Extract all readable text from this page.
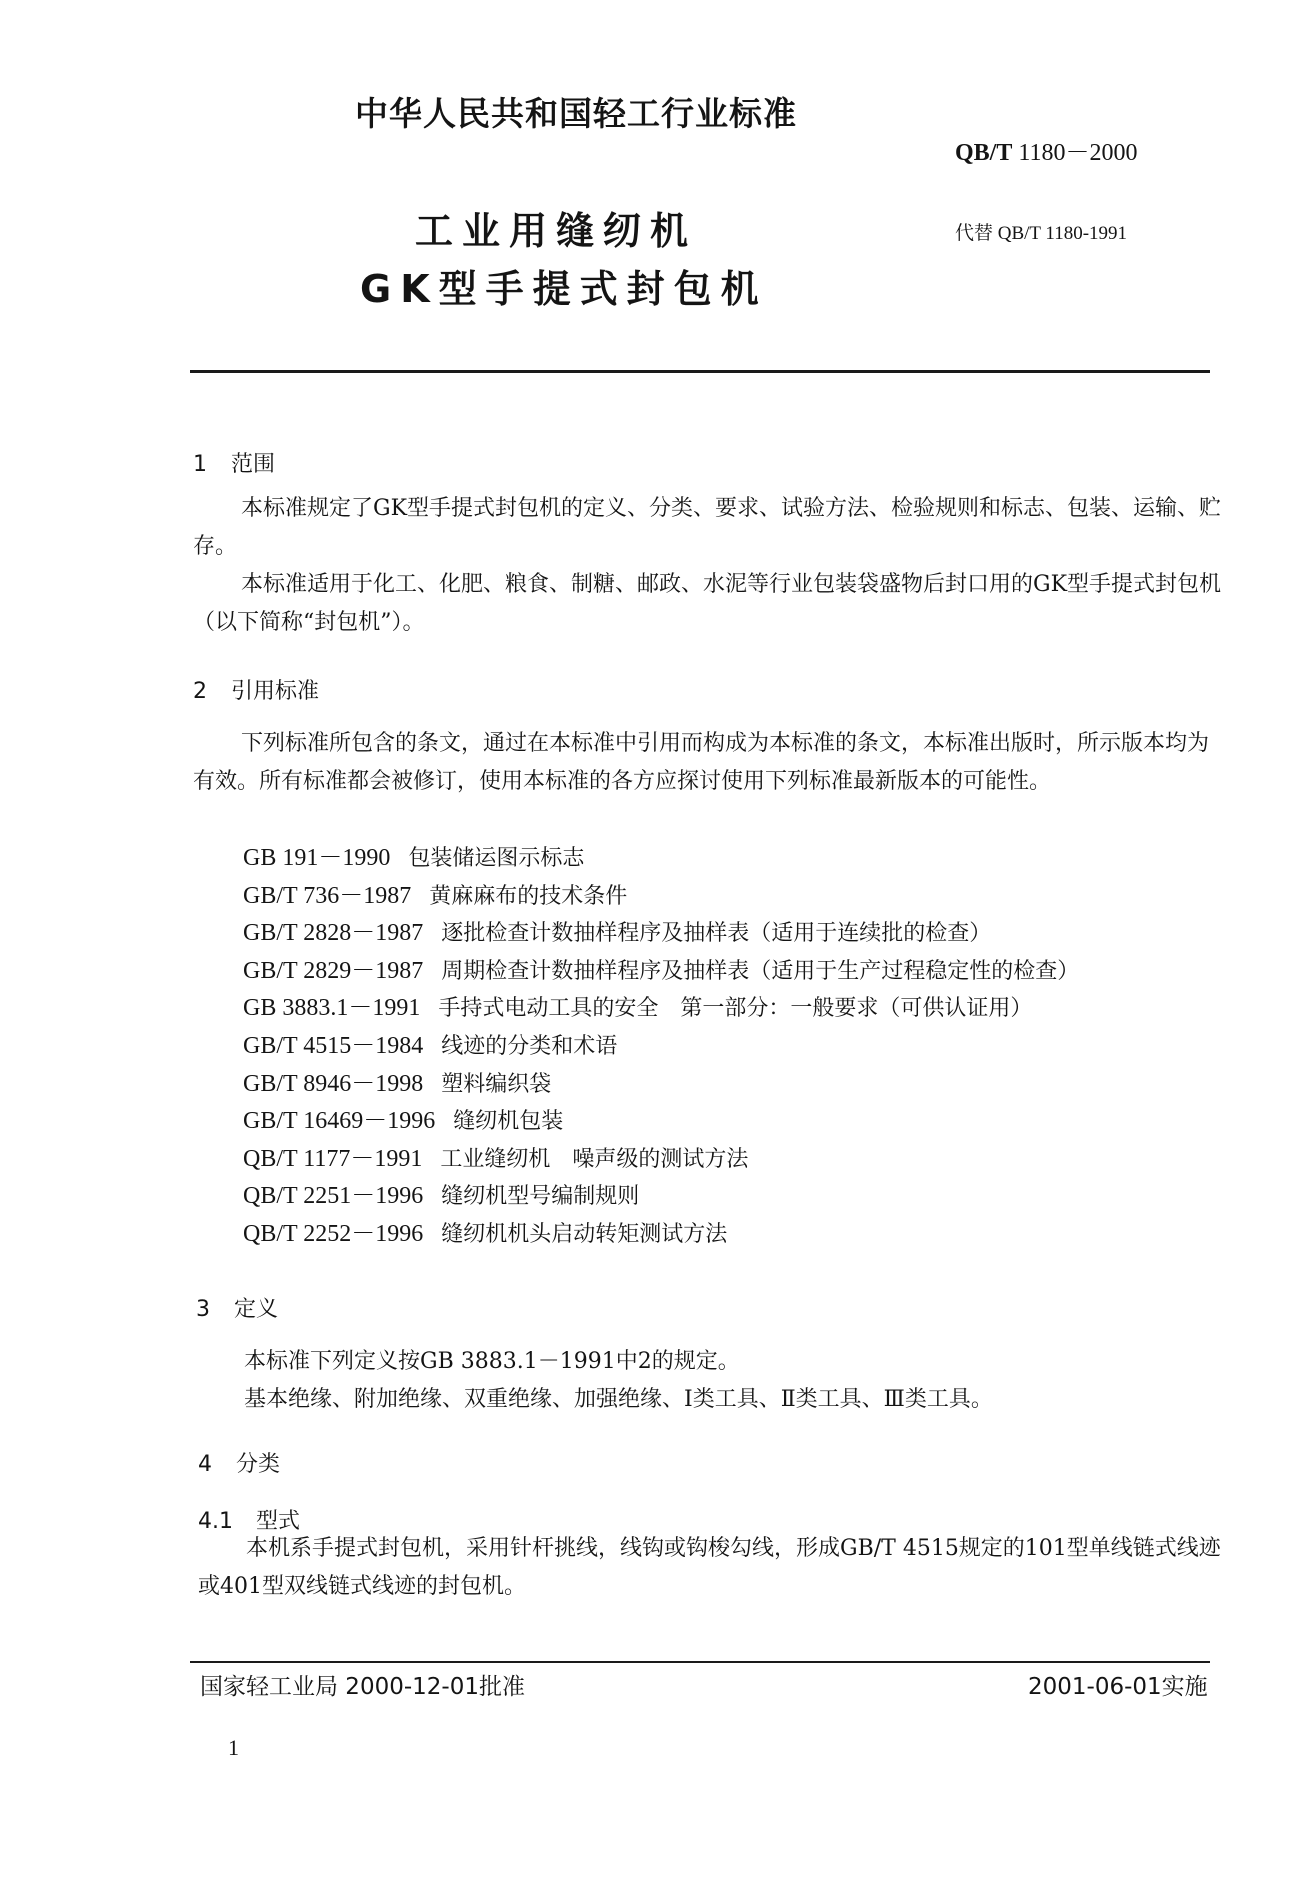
中华人民共和国轻工行业标准
QB/T 1180－2000
工业用缝纫机
GK型手提式封包机
代替 QB/T 1180-1991
1 范围
本标准规定了GK型手提式封包机的定义、分类、要求、试验方法、检验规则和标志、包装、运输、贮存。
本标准适用于化工、化肥、粮食、制糖、邮政、水泥等行业包装袋盛物后封口用的GK型手提式封包机（以下简称“封包机”）。
2 引用标准
下列标准所包含的条文，通过在本标准中引用而构成为本标准的条文，本标准出版时，所示版本均为有效。所有标准都会被修订，使用本标准的各方应探讨使用下列标准最新版本的可能性。
GB 191－1990 包装储运图示标志
GB/T 736－1987 黄麻麻布的技术条件
GB/T 2828－1987 逐批检查计数抽样程序及抽样表（适用于连续批的检查）
GB/T 2829－1987 周期检查计数抽样程序及抽样表（适用于生产过程稳定性的检查）
GB 3883.1－1991 手持式电动工具的安全　第一部分：一般要求（可供认证用）
GB/T 4515－1984 线迹的分类和术语
GB/T 8946－1998 塑料编织袋
GB/T 16469－1996 缝纫机包装
QB/T 1177－1991 工业缝纫机　噪声级的测试方法
QB/T 2251－1996 缝纫机型号编制规则
QB/T 2252－1996 缝纫机机头启动转矩测试方法
3 定义
本标准下列定义按GB 3883.1－1991中2的规定。
基本绝缘、附加绝缘、双重绝缘、加强绝缘、Ⅰ类工具、Ⅱ类工具、Ⅲ类工具。
4 分类
4.1 型式
本机系手提式封包机，采用针杆挑线，线钩或钩梭勾线，形成GB/T 4515规定的101型单线链式线迹或401型双线链式线迹的封包机。
国家轻工业局 2000-12-01批准	2001-06-01实施
1
